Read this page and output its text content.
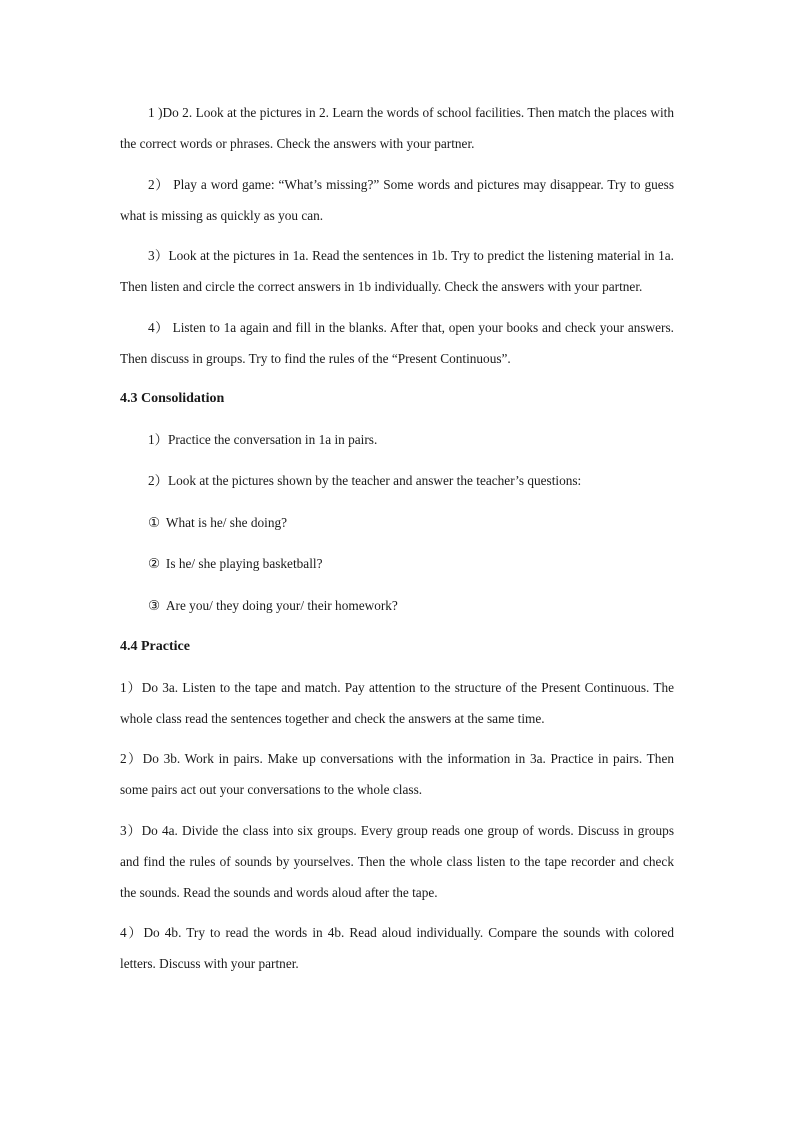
1 )Do 2. Look at the pictures in 2. Learn the words of school facilities. Then match the places with the correct words or phrases. Check the answers with your partner.

2） Play a word game: “What’s missing?” Some words and pictures may disappear. Try to guess what is missing as quickly as you can.

3）Look at the pictures in 1a. Read the sentences in 1b. Try to predict the listening material in 1a. Then listen and circle the correct answers in 1b individually. Check the answers with your partner.

4） Listen to 1a again and fill in the blanks. After that, open your books and check your answers. Then discuss in groups. Try to find the rules of the “Present Continuous”.

4.3 Consolidation

1）Practice the conversation in 1a in pairs.

2）Look at the pictures shown by the teacher and answer the teacher’s questions:

① What is he/ she doing?

② Is he/ she playing basketball?

③ Are you/ they doing your/ their homework?

4.4 Practice

1）Do 3a. Listen to the tape and match. Pay attention to the structure of the Present Continuous. The whole class read the sentences together and check the answers at the same time.

2）Do 3b. Work in pairs. Make up conversations with the information in 3a. Practice in pairs. Then some pairs act out your conversations to the whole class.

3）Do 4a. Divide the class into six groups. Every group reads one group of words. Discuss in groups and find the rules of sounds by yourselves. Then the whole class listen to the tape recorder and check the sounds. Read the sounds and words aloud after the tape.

4）Do 4b. Try to read the words in 4b. Read aloud individually. Compare the sounds with colored letters. Discuss with your partner.
